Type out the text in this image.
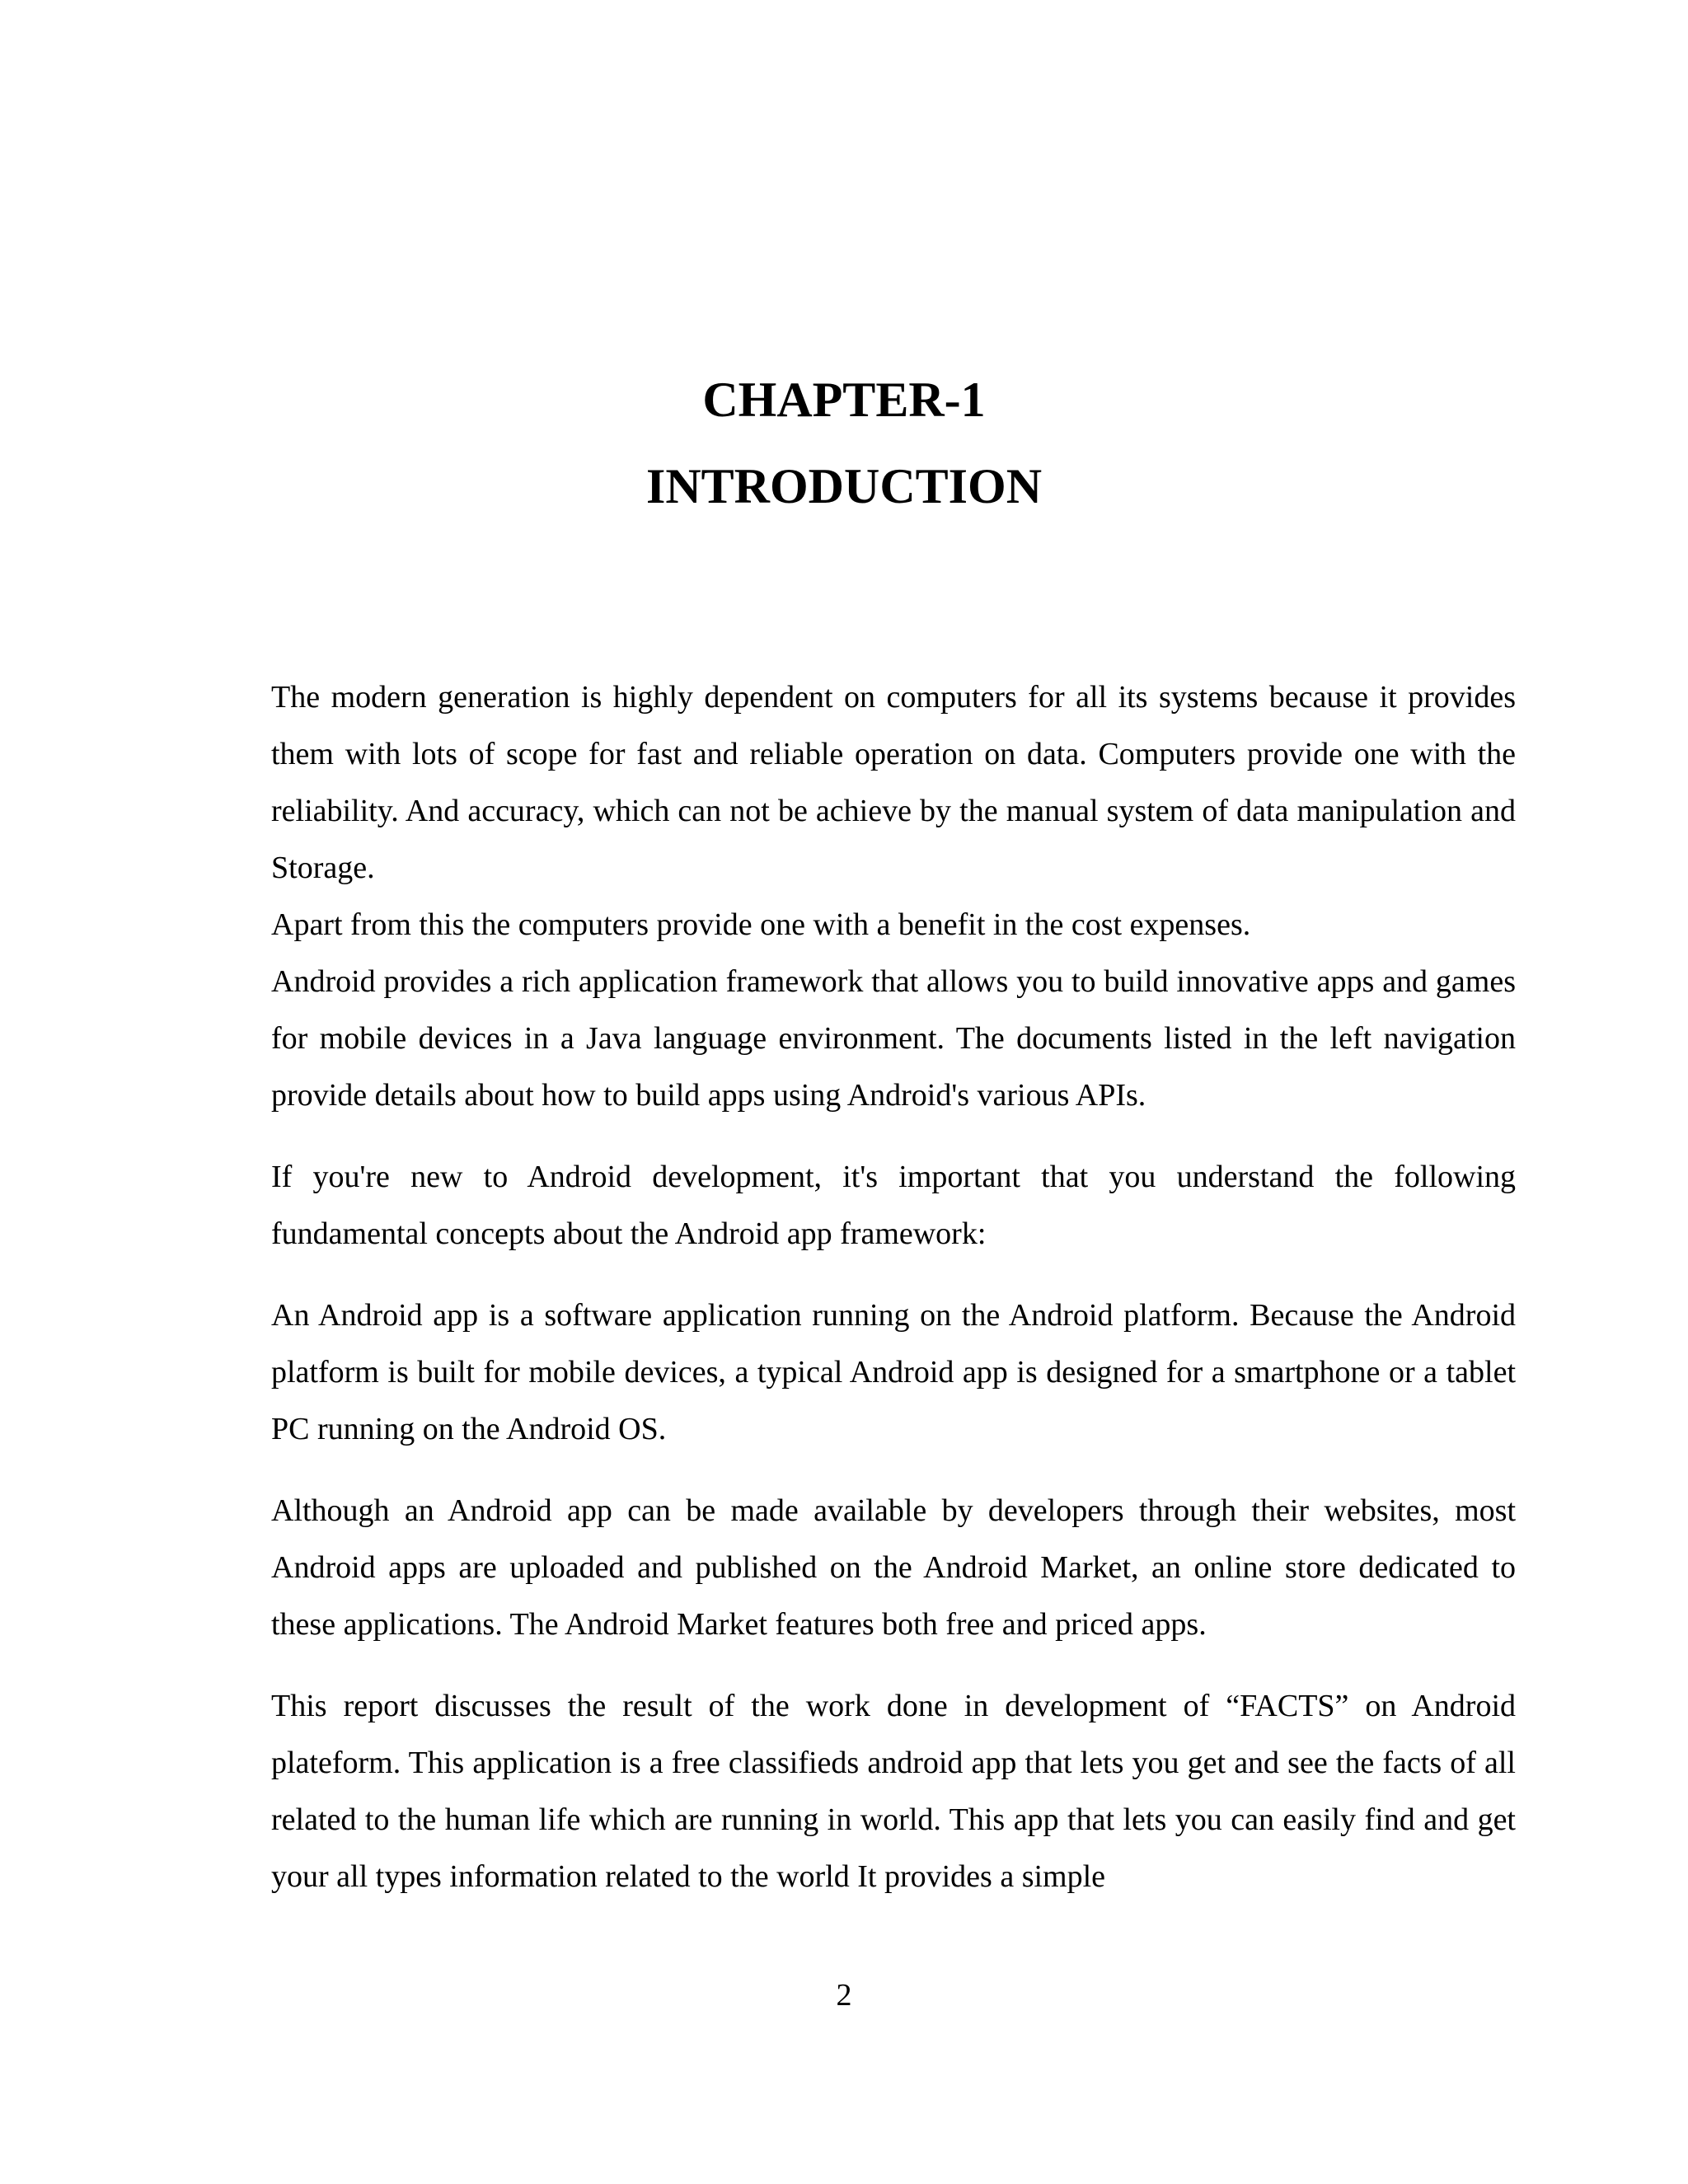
CHAPTER-1
INTRODUCTION

The modern generation is highly dependent on computers for all its systems because it provides them with lots of scope for fast and reliable operation on data. Computers provide one with the reliability. And accuracy, which can not be achieve by the manual system of data manipulation and Storage.

Apart from this the computers provide one with a benefit in the cost expenses.

Android provides a rich application framework that allows you to build innovative apps and games for mobile devices in a Java language environment. The documents listed in the left navigation provide details about how to build apps using Android's various APIs.

If you're new to Android development, it's important that you understand the following fundamental concepts about the Android app framework:

An Android app is a software application running on the Android platform. Because the Android platform is built for mobile devices, a typical Android app is designed for a smartphone or a tablet PC running on the Android OS.

Although an Android app can be made available by developers through their websites, most Android apps are uploaded and published on the Android Market, an online store dedicated to these applications. The Android Market features both free and priced apps.

This report discusses the result of the work done in development of “FACTS” on Android plateform. This application is a free classifieds android app that lets you get and see the facts of all related to the human life which are running in world. This app that lets you can easily find and get your all types information related to the world It provides a simple

2
